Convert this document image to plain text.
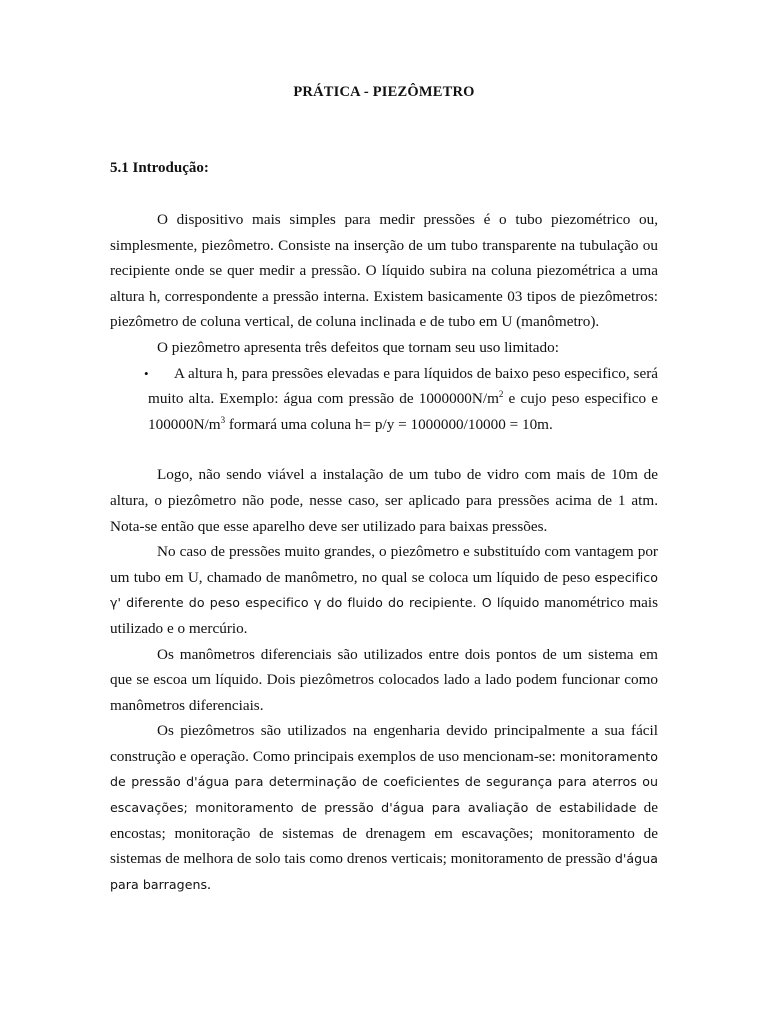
PRÁTICA - PIEZÔMETRO
5.1 Introdução:

O dispositivo mais simples para medir pressões é o tubo piezométrico ou, simplesmente, piezômetro. Consiste na inserção de um tubo transparente na tubulação ou recipiente onde se quer medir a pressão. O líquido subira na coluna piezométrica a uma altura h, correspondente a pressão interna. Existem basicamente 03 tipos de piezômetros: piezômetro de coluna vertical, de coluna inclinada e de tubo em U (manômetro).

O piezômetro apresenta três defeitos que tornam seu uso limitado:

•	A altura h, para pressões elevadas e para líquidos de baixo peso especifico, será muito alta. Exemplo: água com pressão de $1000000N/m^2$ e cujo peso especifico e $100000N/m^3$ formará uma coluna h= p/y = 1000000/10000 = 10m.

Logo, não sendo viável a instalação de um tubo de vidro com mais de 10m de altura, o piezômetro não pode, nesse caso, ser aplicado para pressões acima de 1 atm. Nota-se então que esse aparelho deve ser utilizado para baixas pressões.

No caso de pressões muito grandes, o piezômetro e substituído com vantagem por um tubo em U, chamado de manômetro, no qual se coloca um líquido de peso especifico γ' diferente do peso especifico γ do fluido do recipiente. O líquido manométrico mais utilizado e o mercúrio.

Os manômetros diferenciais são utilizados entre dois pontos de um sistema em que se escoa um líquido. Dois piezômetros colocados lado a lado podem funcionar como manômetros diferenciais.

Os piezômetros são utilizados na engenharia devido principalmente a sua fácil construção e operação. Como principais exemplos de uso mencionam-se: monitoramento de pressão d'água para determinação de coeficientes de segurança para aterros ou escavações; monitoramento de pressão d'água para avaliação de estabilidade de encostas; monitoração de sistemas de drenagem em escavações; monitoramento de sistemas de melhora de solo tais como drenos verticais; monitoramento de pressão d'água para barragens.
